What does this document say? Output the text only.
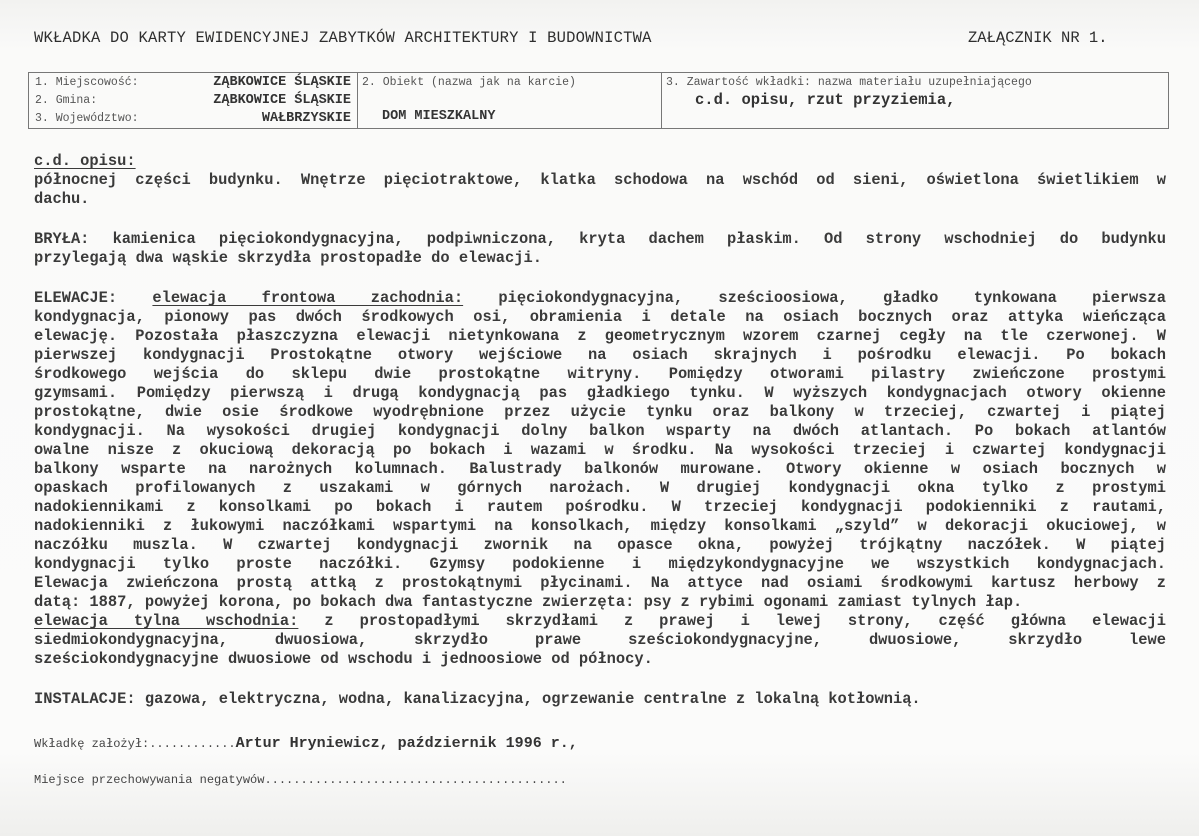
WKŁADKA DO KARTY EWIDENCYJNEJ ZABYTKÓW ARCHITEKTURY I BUDOWNICTWA	ZAŁĄCZNIK NR 1.
1. Miejscowość:	ZĄBKOWICE ŚLĄSKIE
2. Gmina:	ZĄBKOWICE ŚLĄSKIE
3. Województwo:	WAŁBRZYSKIE
2. Obiekt (nazwa jak na karcie)
DOM MIESZKALNY
3. Zawartość wkładki: nazwa materiału uzupełniającego
c.d. opisu, rzut przyziemia,
c.d. opisu:
północnej części budynku. Wnętrze pięciotraktowe, klatka schodowa na wschód od sieni, oświetlona świetlikiem w
dachu.
BRYŁA: kamienica pięciokondygnacyjna, podpiwniczona, kryta dachem płaskim. Od strony wschodniej do budynku
przylegają dwa wąskie skrzydła prostopadłe do elewacji.
ELEWACJE: elewacja frontowa zachodnia: pięciokondygnacyjna, sześcioosiowa, gładko tynkowana pierwsza
kondygnacja, pionowy pas dwóch środkowych osi, obramienia i detale na osiach bocznych oraz attyka wieńcząca
elewację. Pozostała płaszczyzna elewacji nietynkowana z geometrycznym wzorem czarnej cegły na tle czerwonej. W
pierwszej kondygnacji Prostokątne otwory wejściowe na osiach skrajnych i pośrodku elewacji. Po bokach
środkowego wejścia do sklepu dwie prostokątne witryny. Pomiędzy otworami pilastry zwieńczone prostymi
gzymsami. Pomiędzy pierwszą i drugą kondygnacją pas gładkiego tynku. W wyższych kondygnacjach otwory okienne
prostokątne, dwie osie środkowe wyodrębnione przez użycie tynku oraz balkony w trzeciej, czwartej i piątej
kondygnacji. Na wysokości drugiej kondygnacji dolny balkon wsparty na dwóch atlantach. Po bokach atlantów
owalne nisze z okuciową dekoracją po bokach i wazami w środku. Na wysokości trzeciej i czwartej kondygnacji
balkony wsparte na narożnych kolumnach. Balustrady balkonów murowane. Otwory okienne w osiach bocznych w
opaskach profilowanych z uszakami w górnych narożach. W drugiej kondygnacji okna tylko z prostymi
nadokiennikami z konsolkami po bokach i rautem pośrodku. W trzeciej kondygnacji podokienniki z rautami,
nadokienniki z łukowymi naczółkami wspartymi na konsolkach, między konsolkami „szyld” w dekoracji okuciowej, w
naczółku muszla. W czwartej kondygnacji zwornik na opasce okna, powyżej trójkątny naczółek. W piątej
kondygnacji tylko proste naczółki. Gzymsy podokienne i międzykondygnacyjne we wszystkich kondygnacjach.
Elewacja zwieńczona prostą attką z prostokątnymi płycinami. Na attyce nad osiami środkowymi kartusz herbowy z
datą: 1887, powyżej korona, po bokach dwa fantastyczne zwierzęta: psy z rybimi ogonami zamiast tylnych łap.
elewacja tylna wschodnia: z prostopadłymi skrzydłami z prawej i lewej strony, część główna elewacji
siedmiokondygnacyjna, dwuosiowa, skrzydło prawe sześciokondygnacyjne, dwuosiowe, skrzydło lewe
sześciokondygnacyjne dwuosiowe od wschodu i jednoosiowe od północy.
INSTALACJE: gazowa, elektryczna, wodna, kanalizacyjna, ogrzewanie centralne z lokalną kotłownią.
Wkładkę założył:............Artur Hryniewicz, październik 1996 r.,
Miejsce przechowywania negatywów..........................................
